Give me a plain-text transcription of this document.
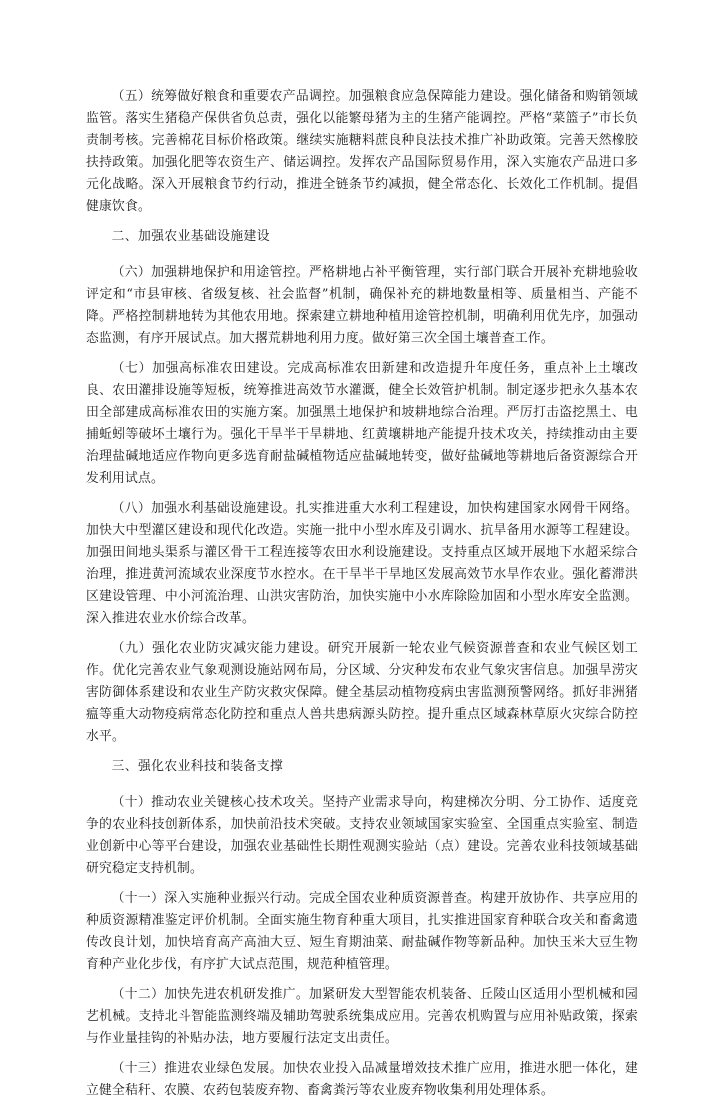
（五）统筹做好粮食和重要农产品调控。加强粮食应急保障能力建设。强化储备和购销领域监管。落实生猪稳产保供省负总责，强化以能繁母猪为主的生猪产能调控。严格“菜篮子”市长负责制考核。完善棉花目标价格政策。继续实施糖料蔗良种良法技术推广补助政策。完善天然橡胶扶持政策。加强化肥等农资生产、储运调控。发挥农产品国际贸易作用，深入实施农产品进口多元化战略。深入开展粮食节约行动，推进全链条节约减损，健全常态化、长效化工作机制。提倡健康饮食。

二、加强农业基础设施建设

（六）加强耕地保护和用途管控。严格耕地占补平衡管理，实行部门联合开展补充耕地验收评定和“市县审核、省级复核、社会监督”机制，确保补充的耕地数量相等、质量相当、产能不降。严格控制耕地转为其他农用地。探索建立耕地种植用途管控机制，明确利用优先序，加强动态监测，有序开展试点。加大撂荒耕地利用力度。做好第三次全国土壤普查工作。

（七）加强高标准农田建设。完成高标准农田新建和改造提升年度任务，重点补上土壤改良、农田灌排设施等短板，统筹推进高效节水灌溉，健全长效管护机制。制定逐步把永久基本农田全部建成高标准农田的实施方案。加强黑土地保护和坡耕地综合治理。严厉打击盗挖黑土、电捕蚯蚓等破坏土壤行为。强化干旱半干旱耕地、红黄壤耕地产能提升技术攻关，持续推动由主要治理盐碱地适应作物向更多选育耐盐碱植物适应盐碱地转变，做好盐碱地等耕地后备资源综合开发利用试点。

（八）加强水利基础设施建设。扎实推进重大水利工程建设，加快构建国家水网骨干网络。加快大中型灌区建设和现代化改造。实施一批中小型水库及引调水、抗旱备用水源等工程建设。加强田间地头渠系与灌区骨干工程连接等农田水利设施建设。支持重点区域开展地下水超采综合治理，推进黄河流域农业深度节水控水。在干旱半干旱地区发展高效节水旱作农业。强化蓄滞洪区建设管理、中小河流治理、山洪灾害防治，加快实施中小水库除险加固和小型水库安全监测。深入推进农业水价综合改革。

（九）强化农业防灾减灾能力建设。研究开展新一轮农业气候资源普查和农业气候区划工作。优化完善农业气象观测设施站网布局，分区域、分灾种发布农业气象灾害信息。加强旱涝灾害防御体系建设和农业生产防灾救灾保障。健全基层动植物疫病虫害监测预警网络。抓好非洲猪瘟等重大动物疫病常态化防控和重点人兽共患病源头防控。提升重点区域森林草原火灾综合防控水平。

三、强化农业科技和装备支撑

（十）推动农业关键核心技术攻关。坚持产业需求导向，构建梯次分明、分工协作、适度竞争的农业科技创新体系，加快前沿技术突破。支持农业领域国家实验室、全国重点实验室、制造业创新中心等平台建设，加强农业基础性长期性观测实验站（点）建设。完善农业科技领域基础研究稳定支持机制。

（十一）深入实施种业振兴行动。完成全国农业种质资源普查。构建开放协作、共享应用的种质资源精准鉴定评价机制。全面实施生物育种重大项目，扎实推进国家育种联合攻关和畜禽遗传改良计划，加快培育高产高油大豆、短生育期油菜、耐盐碱作物等新品种。加快玉米大豆生物育种产业化步伐，有序扩大试点范围，规范种植管理。

（十二）加快先进农机研发推广。加紧研发大型智能农机装备、丘陵山区适用小型机械和园艺机械。支持北斗智能监测终端及辅助驾驶系统集成应用。完善农机购置与应用补贴政策，探索与作业量挂钩的补贴办法，地方要履行法定支出责任。

（十三）推进农业绿色发展。加快农业投入品减量增效技术推广应用，推进水肥一体化，建立健全秸秆、农膜、农药包装废弃物、畜禽粪污等农业废弃物收集利用处理体系。
